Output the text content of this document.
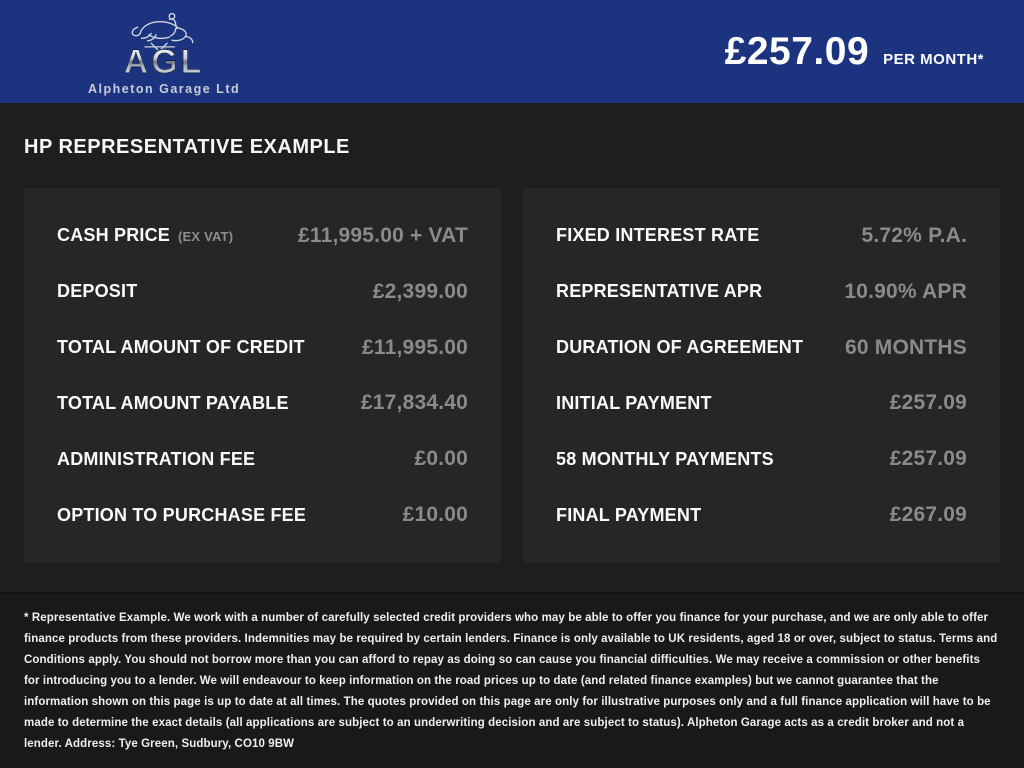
AGL
Alpheton Garage Ltd
£257.09 PER MONTH*
HP REPRESENTATIVE EXAMPLE
CASH PRICE (EX VAT)	£11,995.00 + VAT
DEPOSIT	£2,399.00
TOTAL AMOUNT OF CREDIT	£11,995.00
TOTAL AMOUNT PAYABLE	£17,834.40
ADMINISTRATION FEE	£0.00
OPTION TO PURCHASE FEE	£10.00
FIXED INTEREST RATE	5.72% P.A.
REPRESENTATIVE APR	10.90% APR
DURATION OF AGREEMENT 60 MONTHS
INITIAL PAYMENT	£257.09
58 MONTHLY PAYMENTS	£257.09
FINAL PAYMENT	£267.09

* Representative Example. We work with a number of carefully selected credit providers who may be able to offer you finance for your purchase, and we are only able to offer finance products from these providers. Indemnities may be required by certain lenders. Finance is only available to UK residents, aged 18 or over, subject to status. Terms and Conditions apply. You should not borrow more than you can afford to repay as doing so can cause you financial difficulties. We may receive a commission or other benefits for introducing you to a lender. We will endeavour to keep information on the road prices up to date (and related finance examples) but we cannot guarantee that the information shown on this page is up to date at all times. The quotes provided on this page are only for illustrative purposes only and a full finance application will have to be made to determine the exact details (all applications are subject to an underwriting decision and are subject to status). Alpheton Garage acts as a credit broker and not a lender. Address: Tye Green, Sudbury, CO10 9BW
